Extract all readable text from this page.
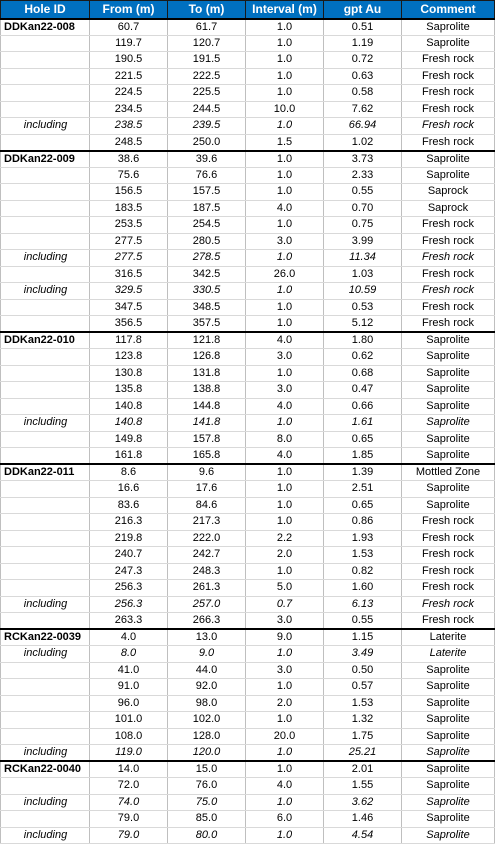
Hole ID	From (m)	To (m)	Interval (m)	gpt Au	Comment
DDKan22-008	60.7	61.7	1.0	0.51	Saprolite
	119.7	120.7	1.0	1.19	Saprolite
	190.5	191.5	1.0	0.72	Fresh rock
	221.5	222.5	1.0	0.63	Fresh rock
	224.5	225.5	1.0	0.58	Fresh rock
	234.5	244.5	10.0	7.62	Fresh rock
including	238.5	239.5	1.0	66.94	Fresh rock
	248.5	250.0	1.5	1.02	Fresh rock
DDKan22-009	38.6	39.6	1.0	3.73	Saprolite
	75.6	76.6	1.0	2.33	Saprolite
	156.5	157.5	1.0	0.55	Saprock
	183.5	187.5	4.0	0.70	Saprock
	253.5	254.5	1.0	0.75	Fresh rock
	277.5	280.5	3.0	3.99	Fresh rock
including	277.5	278.5	1.0	11.34	Fresh rock
	316.5	342.5	26.0	1.03	Fresh rock
including	329.5	330.5	1.0	10.59	Fresh rock
	347.5	348.5	1.0	0.53	Fresh rock
	356.5	357.5	1.0	5.12	Fresh rock
DDKan22-010	117.8	121.8	4.0	1.80	Saprolite
	123.8	126.8	3.0	0.62	Saprolite
	130.8	131.8	1.0	0.68	Saprolite
	135.8	138.8	3.0	0.47	Saprolite
	140.8	144.8	4.0	0.66	Saprolite
including	140.8	141.8	1.0	1.61	Saprolite
	149.8	157.8	8.0	0.65	Saprolite
	161.8	165.8	4.0	1.85	Saprolite
DDKan22-011	8.6	9.6	1.0	1.39	Mottled Zone
	16.6	17.6	1.0	2.51	Saprolite
	83.6	84.6	1.0	0.65	Saprolite
	216.3	217.3	1.0	0.86	Fresh rock
	219.8	222.0	2.2	1.93	Fresh rock
	240.7	242.7	2.0	1.53	Fresh rock
	247.3	248.3	1.0	0.82	Fresh rock
	256.3	261.3	5.0	1.60	Fresh rock
including	256.3	257.0	0.7	6.13	Fresh rock
	263.3	266.3	3.0	0.55	Fresh rock
RCKan22-0039	4.0	13.0	9.0	1.15	Laterite
including	8.0	9.0	1.0	3.49	Laterite
	41.0	44.0	3.0	0.50	Saprolite
	91.0	92.0	1.0	0.57	Saprolite
	96.0	98.0	2.0	1.53	Saprolite
	101.0	102.0	1.0	1.32	Saprolite
	108.0	128.0	20.0	1.75	Saprolite
including	119.0	120.0	1.0	25.21	Saprolite
RCKan22-0040	14.0	15.0	1.0	2.01	Saprolite
	72.0	76.0	4.0	1.55	Saprolite
including	74.0	75.0	1.0	3.62	Saprolite
	79.0	85.0	6.0	1.46	Saprolite
including	79.0	80.0	1.0	4.54	Saprolite
